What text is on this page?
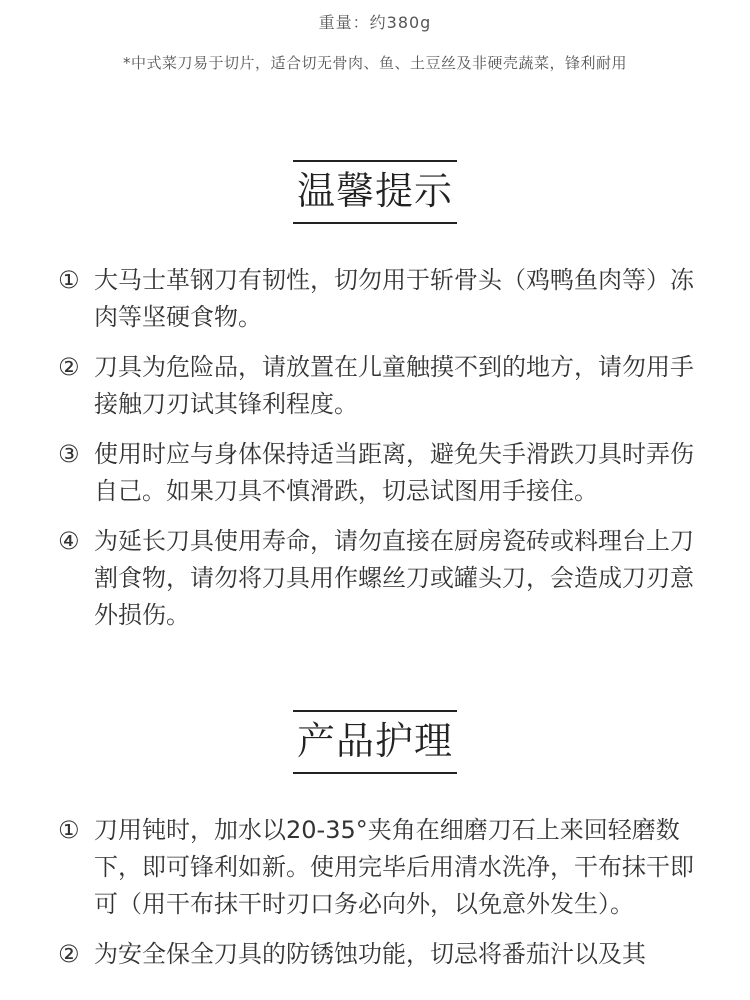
重量：约380g
*中式菜刀易于切片，适合切无骨肉、鱼、土豆丝及非硬壳蔬菜，锋利耐用
温馨提示
① 大马士革钢刀有韧性，切勿用于斩骨头（鸡鸭鱼肉等）冻肉等坚硬食物。
② 刀具为危险品，请放置在儿童触摸不到的地方，请勿用手接触刀刃试其锋利程度。
③ 使用时应与身体保持适当距离，避免失手滑跌刀具时弄伤自己。如果刀具不慎滑跌，切忌试图用手接住。
④ 为延长刀具使用寿命，请勿直接在厨房瓷砖或料理台上刀割食物，请勿将刀具用作螺丝刀或罐头刀，会造成刀刃意外损伤。
产品护理
① 刀用钝时，加水以20-35°夹角在细磨刀石上来回轻磨数下，即可锋利如新。使用完毕后用清水洗净，干布抹干即可（用干布抹干时刃口务必向外，以免意外发生）。
② 为安全保全刀具的防锈蚀功能，切忌将番茄汁以及其
